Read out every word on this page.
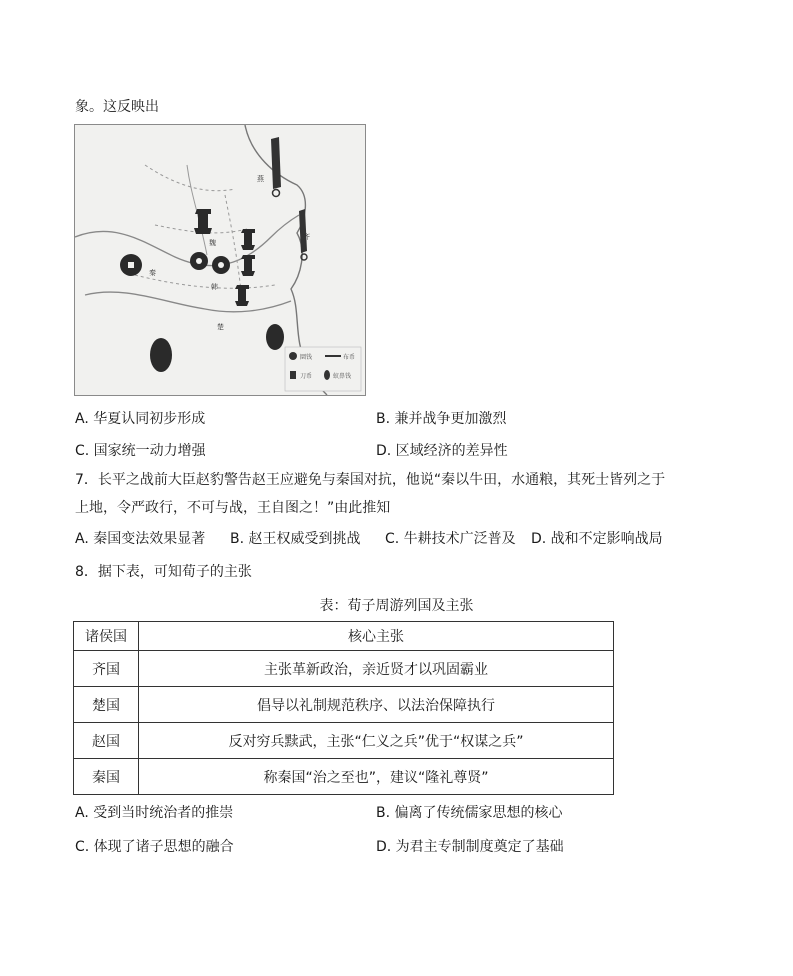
象。这反映出
燕
齐
韩
魏
秦
楚
圜钱	布币
刀币	蚁鼻钱
A. 华夏认同初步形成	B. 兼并战争更加激烈
C. 国家统一动力增强	D. 区域经济的差异性
7．长平之战前大臣赵豹警告赵王应避免与秦国对抗，他说“秦以牛田，水通粮，其死士皆列之于
上地，令严政行，不可与战，王自图之！”由此推知
A. 秦国变法效果显著 B. 赵王权威受到挑战 C. 牛耕技术广泛普及 D. 战和不定影响战局
8．据下表，可知荀子的主张
表：荀子周游列国及主张
诸侯国	核心主张
齐国	主张革新政治，亲近贤才以巩固霸业
楚国	倡导以礼制规范秩序、以法治保障执行
赵国	反对穷兵黩武，主张“仁义之兵”优于“权谋之兵”
秦国	称秦国“治之至也”，建议“隆礼尊贤”
A. 受到当时统治者的推崇	B. 偏离了传统儒家思想的核心
C. 体现了诸子思想的融合	D. 为君主专制制度奠定了基础
